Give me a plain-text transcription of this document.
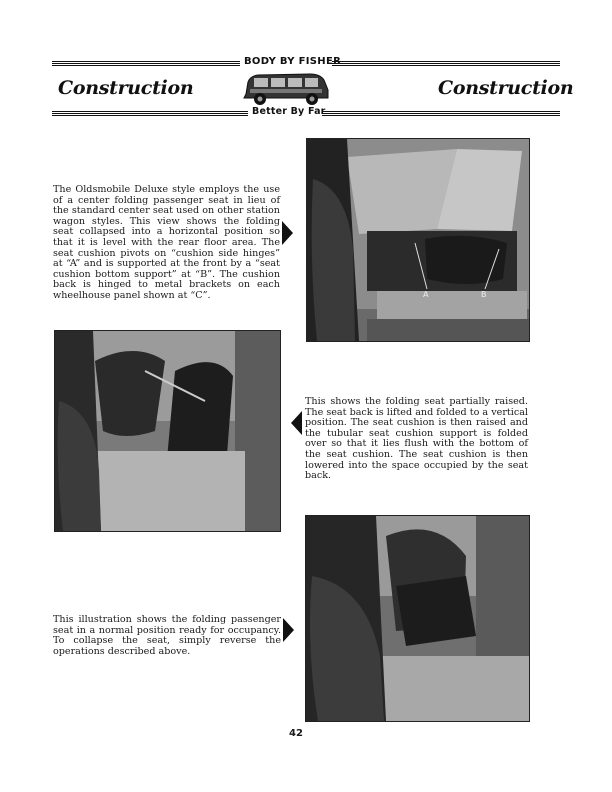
BODY BY FISHER
Construction	Construction
Better By Far
A	B
The Oldsmobile Deluxe style employs the use of a center folding passenger seat in lieu of the standard center seat used on other station wagon styles. This view shows the folding seat collapsed into a horizontal position so that it is level with the rear floor area. The seat cushion pivots on “cushion side hinges” at “A” and is supported at the front by a “seat cushion bottom support” at “B”. The cushion back is hinged to metal brackets on each wheelhouse panel shown at “C”.
This shows the folding seat partially raised. The seat back is lifted and folded to a vertical position. The seat cushion is then raised and the tubular seat cushion support is folded over so that it lies flush with the bottom of the seat cushion. The seat cushion is then lowered into the space occupied by the seat back.
This illustration shows the folding passenger seat in a normal position ready for occupancy. To collapse the seat, simply reverse the operations described above.
42
